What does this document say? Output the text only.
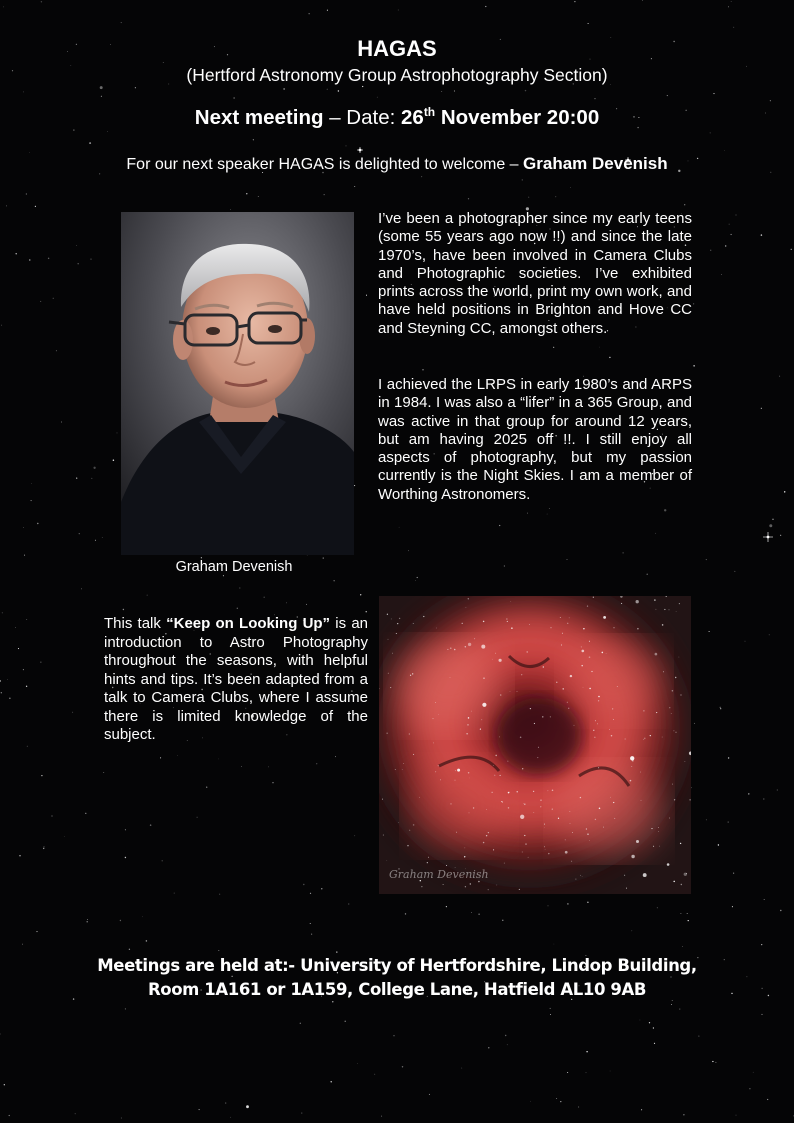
HAGAS
(Hertford Astronomy Group Astrophotography Section)
Next meeting – Date: 26th November 20:00
For our next speaker HAGAS is delighted to welcome – Graham Devenish
Graham Devenish
I’ve been a photographer since my early teens (some 55 years ago now !!) and since the late 1970’s, have been involved in Camera Clubs and Photographic societies. I’ve exhibited prints across the world, print my own work, and have held positions in Brighton and Hove CC and Steyning CC, amongst others.
I achieved the LRPS in early 1980’s and ARPS in 1984. I was also a “lifer” in a 365 Group, and was active in that group for around 12 years, but am having 2025 off !!. I still enjoy all aspects of photography, but my passion currently is the Night Skies. I am a member of Worthing Astronomers.
This talk “Keep on Looking Up” is an introduction to Astro Photography throughout the seasons, with helpful hints and tips. It’s been adapted from a talk to Camera Clubs, where I assume there is limited knowledge of the subject.
Graham Devenish
Meetings are held at:- University of Hertfordshire, Lindop Building,
Room 1A161 or 1A159, College Lane, Hatfield AL10 9AB
